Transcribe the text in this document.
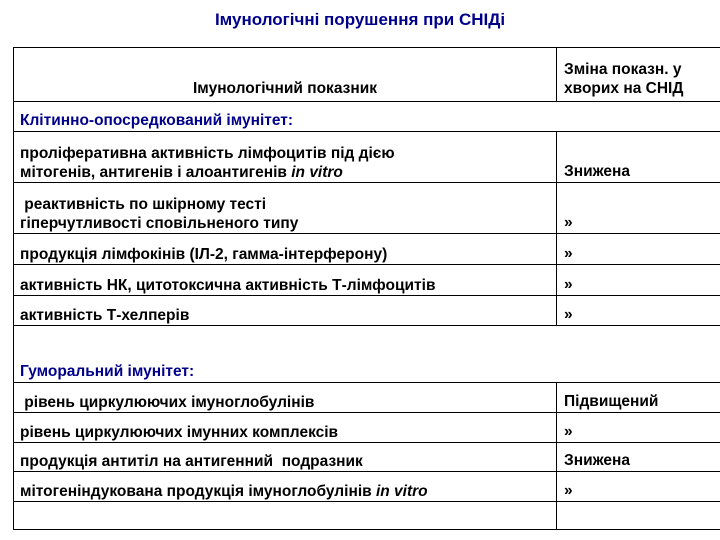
Імунологічні порушення при СНІДі
Імунологічний показник	Зміна показн. у
хворих на СНІД
Клітинно-опосредкований імунітет:	
проліферативна активність лімфоцитів під дією
мітогенів, антигенів і алоантигенів in vitro	Знижена
реактивність по шкірному тесті
гіперчутливості сповільненого типу	»
продукція лімфокінів (ІЛ-2, гамма-інтерферону)	»
активність НК, цитотоксична активність Т-лімфоцитів	»
активність Т-хелперів	»
Гуморальний імунітет:	
рівень циркулюючих імуноглобулінів	Підвищений
рівень циркулюючих імунних комплексів	»
продукція антитіл на антигенний  подразник	Знижена
мітогеніндукована продукція імуноглобулінів in vitro	»
